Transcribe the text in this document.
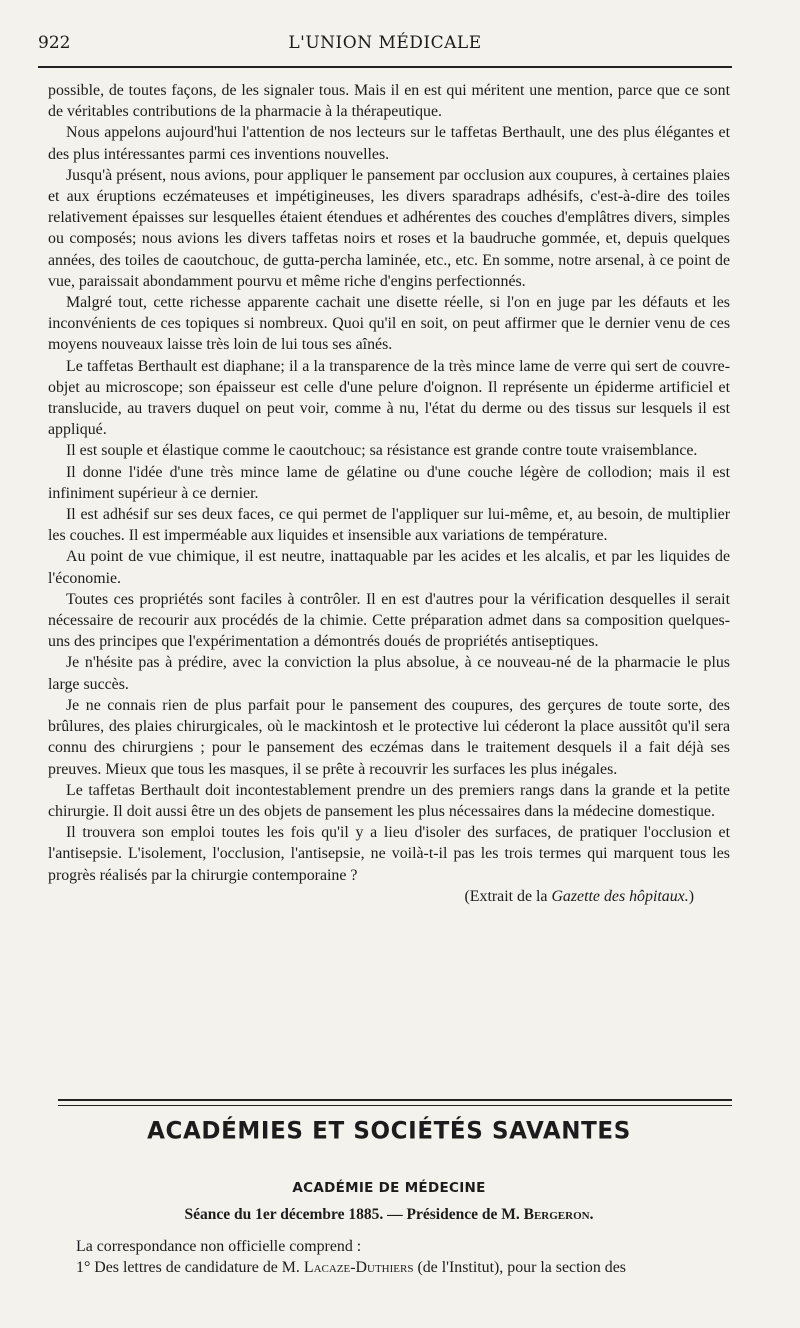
922	L'UNION MÉDICALE

possible, de toutes façons, de les signaler tous. Mais il en est qui méritent une mention, parce que ce sont de véritables contributions de la pharmacie à la thérapeutique.

Nous appelons aujourd'hui l'attention de nos lecteurs sur le taffetas Berthault, une des plus élégantes et des plus intéressantes parmi ces inventions nouvelles.

Jusqu'à présent, nous avions, pour appliquer le pansement par occlusion aux coupures, à certaines plaies et aux éruptions eczémateuses et impétigineuses, les divers sparadraps adhésifs, c'est-à-dire des toiles relativement épaisses sur lesquelles étaient étendues et adhérentes des couches d'emplâtres divers, simples ou composés; nous avions les divers taffetas noirs et roses et la baudruche gommée, et, depuis quelques années, des toiles de caoutchouc, de gutta-percha laminée, etc., etc. En somme, notre arsenal, à ce point de vue, paraissait abondamment pourvu et même riche d'engins perfectionnés.

Malgré tout, cette richesse apparente cachait une disette réelle, si l'on en juge par les défauts et les inconvénients de ces topiques si nombreux. Quoi qu'il en soit, on peut affirmer que le dernier venu de ces moyens nouveaux laisse très loin de lui tous ses aînés.

Le taffetas Berthault est diaphane; il a la transparence de la très mince lame de verre qui sert de couvre-objet au microscope; son épaisseur est celle d'une pelure d'oignon. Il représente un épiderme artificiel et translucide, au travers duquel on peut voir, comme à nu, l'état du derme ou des tissus sur lesquels il est appliqué.

Il est souple et élastique comme le caoutchouc; sa résistance est grande contre toute vraisemblance.

Il donne l'idée d'une très mince lame de gélatine ou d'une couche légère de collodion; mais il est infiniment supérieur à ce dernier.

Il est adhésif sur ses deux faces, ce qui permet de l'appliquer sur lui-même, et, au besoin, de multiplier les couches. Il est imperméable aux liquides et insensible aux variations de température.

Au point de vue chimique, il est neutre, inattaquable par les acides et les alcalis, et par les liquides de l'économie.

Toutes ces propriétés sont faciles à contrôler. Il en est d'autres pour la vérification desquelles il serait nécessaire de recourir aux procédés de la chimie. Cette préparation admet dans sa composition quelques-uns des principes que l'expérimentation a démontrés doués de propriétés antiseptiques.

Je n'hésite pas à prédire, avec la conviction la plus absolue, à ce nouveau-né de la pharmacie le plus large succès.

Je ne connais rien de plus parfait pour le pansement des coupures, des gerçures de toute sorte, des brûlures, des plaies chirurgicales, où le mackintosh et le protective lui céderont la place aussitôt qu'il sera connu des chirurgiens ; pour le pansement des eczémas dans le traitement desquels il a fait déjà ses preuves. Mieux que tous les masques, il se prête à recouvrir les surfaces les plus inégales.

Le taffetas Berthault doit incontestablement prendre un des premiers rangs dans la grande et la petite chirurgie. Il doit aussi être un des objets de pansement les plus nécessaires dans la médecine domestique.

Il trouvera son emploi toutes les fois qu'il y a lieu d'isoler des surfaces, de pratiquer l'occlusion et l'antisepsie. L'isolement, l'occlusion, l'antisepsie, ne voilà-t-il pas les trois termes qui marquent tous les progrès réalisés par la chirurgie contemporaine ?

(Extrait de la Gazette des hôpitaux.)
ACADÉMIES ET SOCIÉTÉS SAVANTES
ACADÉMIE DE MÉDECINE
Séance du 1er décembre 1885. — Présidence de M. Bergeron.

La correspondance non officielle comprend :

1° Des lettres de candidature de M. Lacaze-Duthiers (de l'Institut), pour la section des
